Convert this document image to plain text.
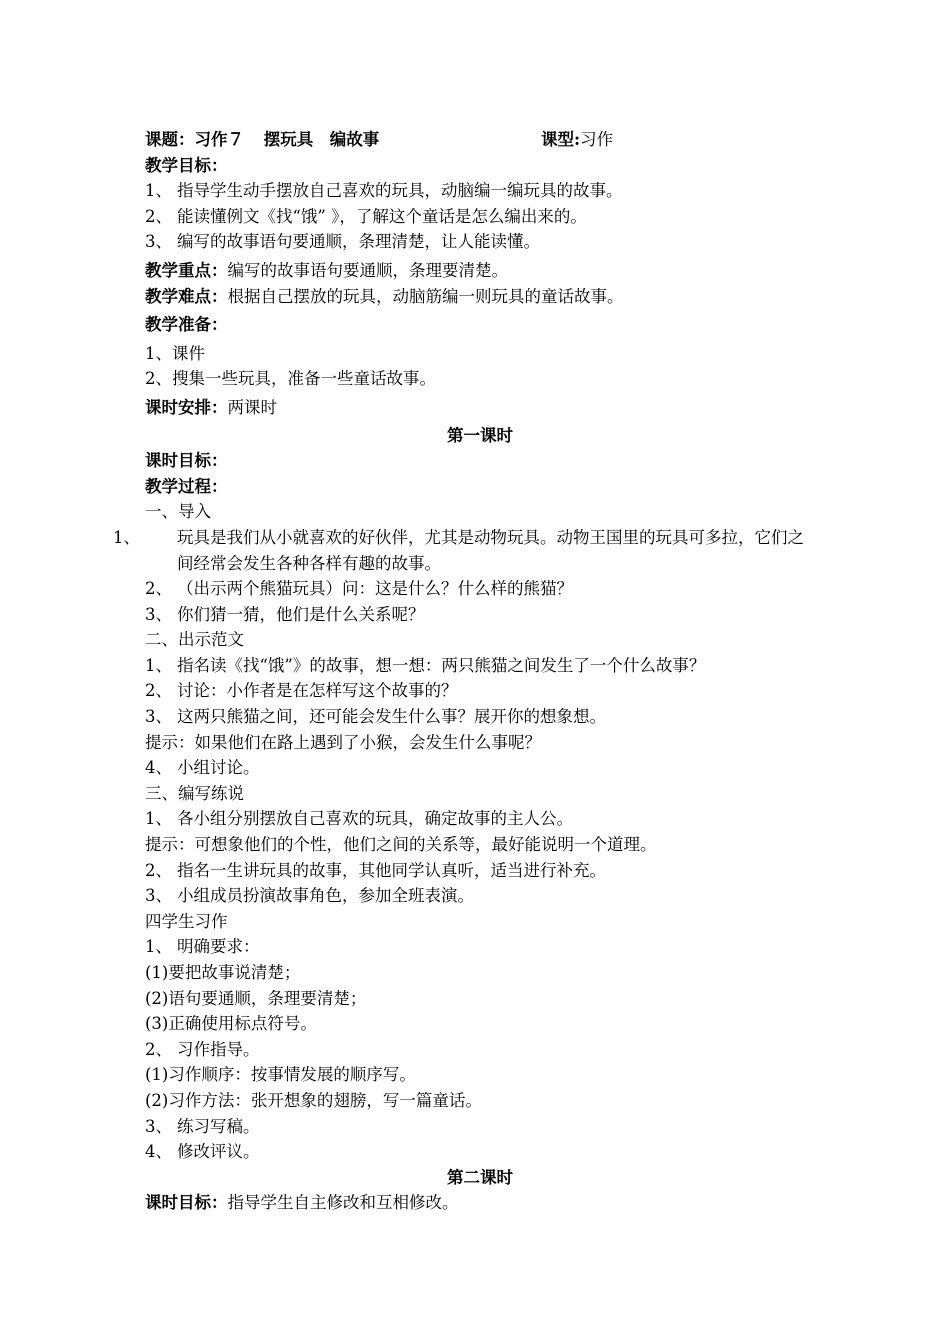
课题：习作７ 摆玩具　编故事	课型:习作
教学目标：
1、 指导学生动手摆放自己喜欢的玩具，动脑编一编玩具的故事。
2、 能读懂例文《找“饿” 》，了解这个童话是怎么编出来的。
3、 编写的故事语句要通顺，条理清楚，让人能读懂。
教学重点：编写的故事语句要通顺，条理要清楚。
教学难点：根据自己摆放的玩具，动脑筋编一则玩具的童话故事。
教学准备：
1、课件
2、搜集一些玩具，准备一些童话故事。
课时安排：两课时
第一课时
课时目标：
教学过程：
一、导入
1、 玩具是我们从小就喜欢的好伙伴，尤其是动物玩具。动物王国里的玩具可多拉，它们之间经常会发生各种各样有趣的故事。
2、 （出示两个熊猫玩具）问：这是什么？什么样的熊猫？
3、 你们猜一猜，他们是什么关系呢？
二、出示范文
1、 指名读《找“饿”》的故事，想一想：两只熊猫之间发生了一个什么故事？
2、 讨论：小作者是在怎样写这个故事的？
3、 这两只熊猫之间，还可能会发生什么事？展开你的想象想。
提示：如果他们在路上遇到了小猴，会发生什么事呢？
4、 小组讨论。
三、编写练说
1、 各小组分别摆放自己喜欢的玩具，确定故事的主人公。
提示：可想象他们的个性，他们之间的关系等，最好能说明一个道理。
2、 指名一生讲玩具的故事，其他同学认真听，适当进行补充。
3、 小组成员扮演故事角色，参加全班表演。
四学生习作
1、 明确要求：
(1)要把故事说清楚；
(2)语句要通顺，条理要清楚；
(3)正确使用标点符号。
2、 习作指导。
(1)习作顺序：按事情发展的顺序写。
(2)习作方法：张开想象的翅膀，写一篇童话。
3、 练习写稿。
4、 修改评议。
第二课时
课时目标：指导学生自主修改和互相修改。
